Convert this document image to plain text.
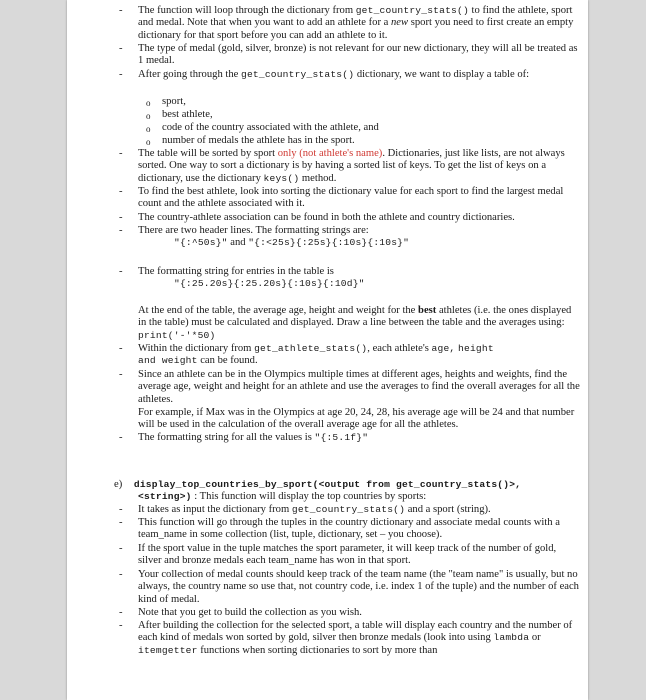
- The function will loop through the dictionary from get_country_stats() to find the athlete, sport and medal. Note that when you want to add an athlete for a new sport you need to first create an empty dictionary for that sport before you can add an athlete to it.
- The type of medal (gold, silver, bronze) is not relevant for our new dictionary, they will all be treated as 1 medal.
- After going through the get_country_stats() dictionary, we want to display a table of:
o sport,
o best athlete,
o code of the country associated with the athlete, and
o number of medals the athlete has in the sport.
- The table will be sorted by sport only (not athlete's name). Dictionaries, just like lists, are not always sorted. One way to sort a dictionary is by having a sorted list of keys. To get the list of keys on a dictionary, use the dictionary keys() method.
- To find the best athlete, look into sorting the dictionary value for each sport to find the largest medal count and the athlete associated with it.
- The country-athlete association can be found in both the athlete and country dictionaries.
- There are two header lines. The formatting strings are:
"{:^50s}" and "{:<25s}{:25s}{:10s}{:10s}"
- The formatting string for entries in the table is
"{:25.20s}{:25.20s}{:10s}{:10d}"
At the end of the table, the average age, height and weight for the best athletes (i.e. the ones displayed in the table) must be calculated and displayed. Draw a line between the table and the averages using: print('-'*50)
- Within the dictionary from get_athlete_stats(), each athlete's age, height
and weight can be found.
- Since an athlete can be in the Olympics multiple times at different ages, heights and weights, find the average age, weight and height for an athlete and use the averages to find the overall averages for all the athletes.
For example, if Max was in the Olympics at age 20, 24, 28, his average age will be 24 and that number will be used in the calculation of the overall average age for all the athletes.
- The formatting string for all the values is "{:5.1f}"
e) display_top_countries_by_sport(<output from get_country_stats()>,
<string>) : This function will display the top countries by sports:
- It takes as input the dictionary from get_country_stats() and a sport (string).
- This function will go through the tuples in the country dictionary and associate medal counts with a team_name in some collection (list, tuple, dictionary, set – you choose).
- If the sport value in the tuple matches the sport parameter, it will keep track of the number of gold, silver and bronze medals each team_name has won in that sport.
- Your collection of medal counts should keep track of the team name (the "team name" is usually, but no always, the country name so use that, not country code, i.e. index 1 of the tuple) and the number of each kind of medal.
- Note that you get to build the collection as you wish.
- After building the collection for the selected sport, a table will display each country and the number of each kind of medals won sorted by gold, silver then bronze medals (look into using lambda or itemgetter functions when sorting dictionaries to sort by more than
